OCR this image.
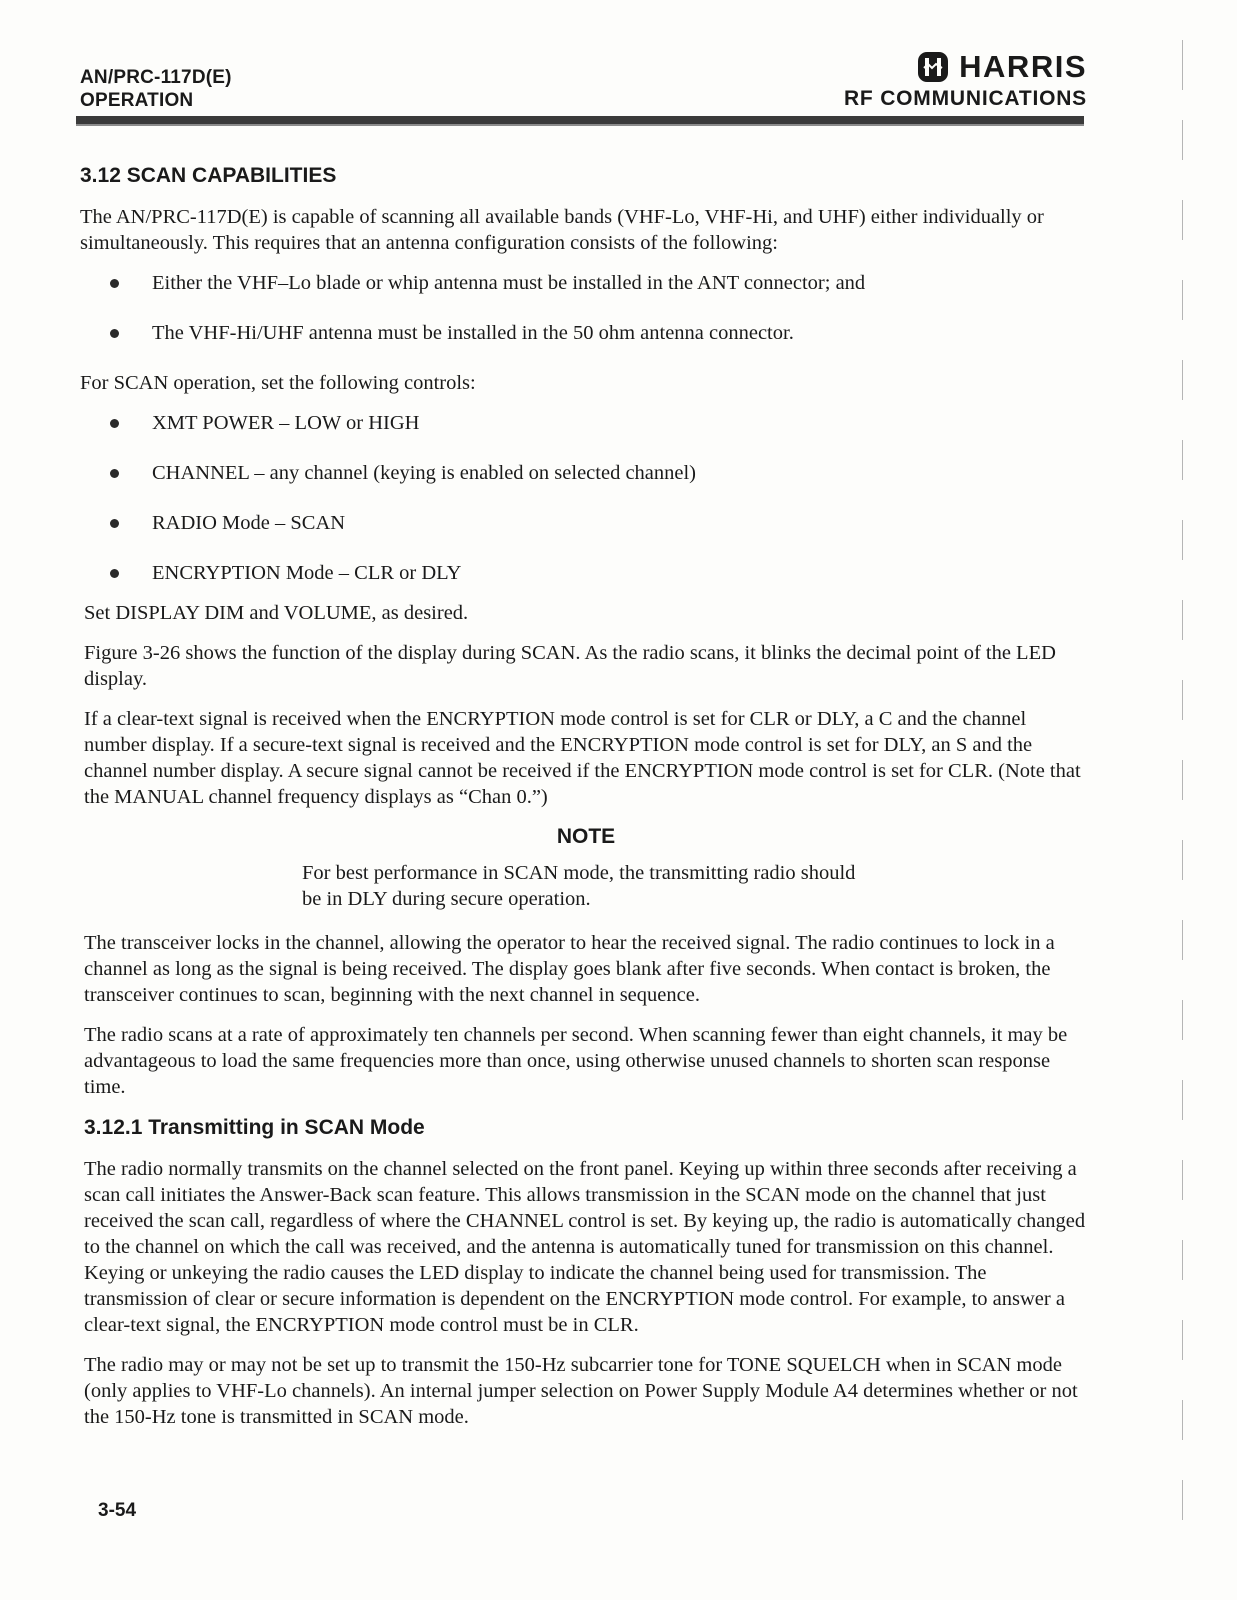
AN/PRC-117D(E)
OPERATION
HARRIS
RF COMMUNICATIONS
3.12 SCAN CAPABILITIES

The AN/PRC-117D(E) is capable of scanning all available bands (VHF-Lo, VHF-Hi, and UHF) either individually or simultaneously. This requires that an antenna configuration consists of the following:

Either the VHF–Lo blade or whip antenna must be installed in the ANT connector; and
The VHF-Hi/UHF antenna must be installed in the 50 ohm antenna connector.

For SCAN operation, set the following controls:

XMT POWER – LOW or HIGH
CHANNEL – any channel (keying is enabled on selected channel)
RADIO Mode – SCAN
ENCRYPTION Mode – CLR or DLY

Set DISPLAY DIM and VOLUME, as desired.

Figure 3-26 shows the function of the display during SCAN. As the radio scans, it blinks the decimal point of the LED display.

If a clear-text signal is received when the ENCRYPTION mode control is set for CLR or DLY, a C and the channel number display. If a secure-text signal is received and the ENCRYPTION mode control is set for DLY, an S and the channel number display. A secure signal cannot be received if the ENCRYPTION mode control is set for CLR. (Note that the MANUAL channel frequency displays as “Chan 0.”)

NOTE
For best performance in SCAN mode, the transmitting radio should be in DLY during secure operation.

The transceiver locks in the channel, allowing the operator to hear the received signal. The radio continues to lock in a channel as long as the signal is being received. The display goes blank after five seconds. When contact is broken, the transceiver continues to scan, beginning with the next channel in sequence.

The radio scans at a rate of approximately ten channels per second. When scanning fewer than eight channels, it may be advantageous to load the same frequencies more than once, using otherwise unused channels to shorten scan response time.

3.12.1 Transmitting in SCAN Mode

The radio normally transmits on the channel selected on the front panel. Keying up within three seconds after receiving a scan call initiates the Answer-Back scan feature. This allows transmission in the SCAN mode on the channel that just received the scan call, regardless of where the CHANNEL control is set. By keying up, the radio is automatically changed to the channel on which the call was received, and the antenna is automatically tuned for transmission on this channel. Keying or unkeying the radio causes the LED display to indicate the channel being used for transmission. The transmission of clear or secure information is dependent on the ENCRYPTION mode control. For example, to answer a clear-text signal, the ENCRYPTION mode control must be in CLR.

The radio may or may not be set up to transmit the 150-Hz subcarrier tone for TONE SQUELCH when in SCAN mode (only applies to VHF-Lo channels). An internal jumper selection on Power Supply Module A4 determines whether or not the 150-Hz tone is transmitted in SCAN mode.

3-54
